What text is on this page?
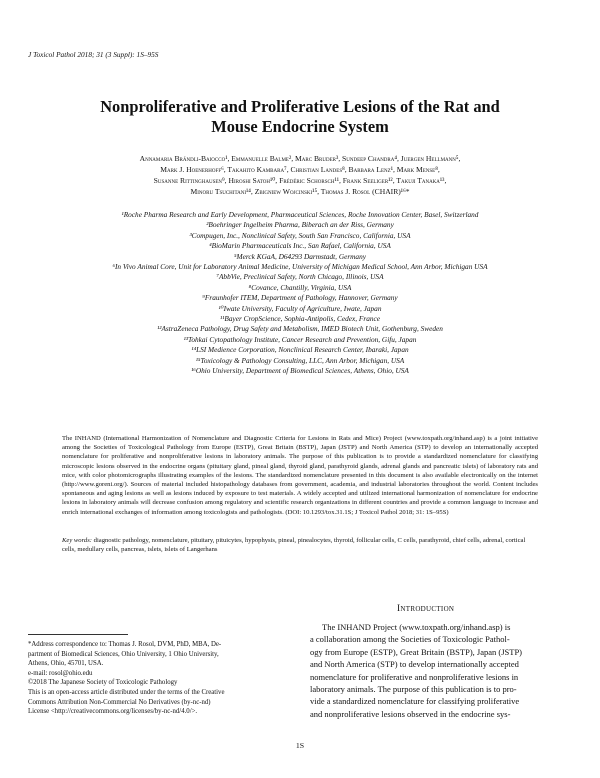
J Toxicol Pathol 2018; 31 (3 Suppl): 1S–95S
Nonproliferative and Proliferative Lesions of the Rat and
Mouse Endocrine System
Annamaria Brändli-Baiocco¹, Emmanuelle Balme², Marc Bruder³, Sundeep Chandra⁴, Juergen Hellmann⁵,
Mark J. Hoenerhoff⁶, Takahito Kambara⁷, Christian Landes⁸, Barbara Lenz¹, Mark Mense⁸,
Susanne Rittinghausen⁹, Hiroshi Satoh¹⁰, Frédéric Schorsch¹¹, Frank Seeliger¹², Takuji Tanaka¹³,
Minoru Tsuchitani¹⁴, Zbigniew Wojcinski¹⁵, Thomas J. Rosol (CHAIR)¹⁶*
¹Roche Pharma Research and Early Development, Pharmaceutical Sciences, Roche Innovation Center, Basel, Switzerland
²Boehringer Ingelheim Pharma, Biberach an der Riss, Germany
³Compugen, Inc., Nonclinical Safety, South San Francisco, California, USA
⁴BioMarin Pharmaceuticals Inc., San Rafael, California, USA
⁵Merck KGaA, D64293 Darmstadt, Germany
⁶In Vivo Animal Core, Unit for Laboratory Animal Medicine, University of Michigan Medical School, Ann Arbor, Michigan USA
⁷AbbVie, Preclinical Safety, North Chicago, Illinois, USA
⁸Covance, Chantilly, Virginia, USA
⁹Fraunhofer ITEM, Department of Pathology, Hannover, Germany
¹⁰Iwate University, Faculty of Agriculture, Iwate, Japan
¹¹Bayer CropScience, Sophia-Antipolis, Cedex, France
¹²AstraZeneca Pathology, Drug Safety and Metabolism, IMED Biotech Unit, Gothenburg, Sweden
¹³Tohkai Cytopathology Institute, Cancer Research and Prevention, Gifu, Japan
¹⁴LSI Medience Corporation, Nonclinical Research Center, Ibaraki, Japan
¹⁵Toxicology & Pathology Consulting, LLC, Ann Arbor, Michigan, USA
¹⁶Ohio University, Department of Biomedical Sciences, Athens, Ohio, USA
The INHAND (International Harmonization of Nomenclature and Diagnostic Criteria for Lesions in Rats and Mice) Project (www.toxpath.org/inhand.asp) is a joint initiative among the Societies of Toxicological Pathology from Europe (ESTP), Great Britain (BSTP), Japan (JSTP) and North America (STP) to develop an internationally accepted nomenclature for proliferative and nonproliferative lesions in laboratory animals. The purpose of this publication is to provide a standardized nomenclature for classifying microscopic lesions observed in the endocrine organs (pituitary gland, pineal gland, thyroid gland, parathyroid glands, adrenal glands and pancreatic islets) of laboratory rats and mice, with color photomicrographs illustrating examples of the lesions. The standardized nomenclature presented in this document is also available electronically on the internet (http://www.goreni.org/). Sources of material included histopathology databases from government, academia, and industrial laboratories throughout the world. Content includes spontaneous and aging lesions as well as lesions induced by exposure to test materials. A widely accepted and utilized international harmonization of nomenclature for endocrine lesions in laboratory animals will decrease confusion among regulatory and scientific research organizations in different countries and provide a common language to increase and enrich international exchanges of information among toxicologists and pathologists. (DOI: 10.1293/tox.31.1S; J Toxicol Pathol 2018; 31: 1S–95S)
Key words: diagnostic pathology, nomenclature, pituitary, pituicytes, hypophysis, pineal, pinealocytes, thyroid, follicular cells, C cells, parathyroid, chief cells, adrenal, cortical cells, medullary cells, pancreas, islets, islets of Langerhans
Introduction
The INHAND Project (www.toxpath.org/inhand.asp) is
a collaboration among the Societies of Toxicologic Pathol-
ogy from Europe (ESTP), Great Britain (BSTP), Japan (JSTP)
and North America (STP) to develop internationally accepted
nomenclature for proliferative and nonproliferative lesions in
laboratory animals. The purpose of this publication is to pro-
vide a standardized nomenclature for classifying proliferative
and nonproliferative lesions observed in the endocrine sys-
*Address correspondence to: Thomas J. Rosol, DVM, PhD, MBA, De-
partment of Biomedical Sciences, Ohio University, 1 Ohio University,
Athens, Ohio, 45701, USA.
e-mail: rosol@ohio.edu
©2018 The Japanese Society of Toxicologic Pathology
This is an open-access article distributed under the terms of the Creative
Commons Attribution Non-Commercial No Derivatives (by-nc-nd)
License <http://creativecommons.org/licenses/by-nc-nd/4.0/>.
1S
